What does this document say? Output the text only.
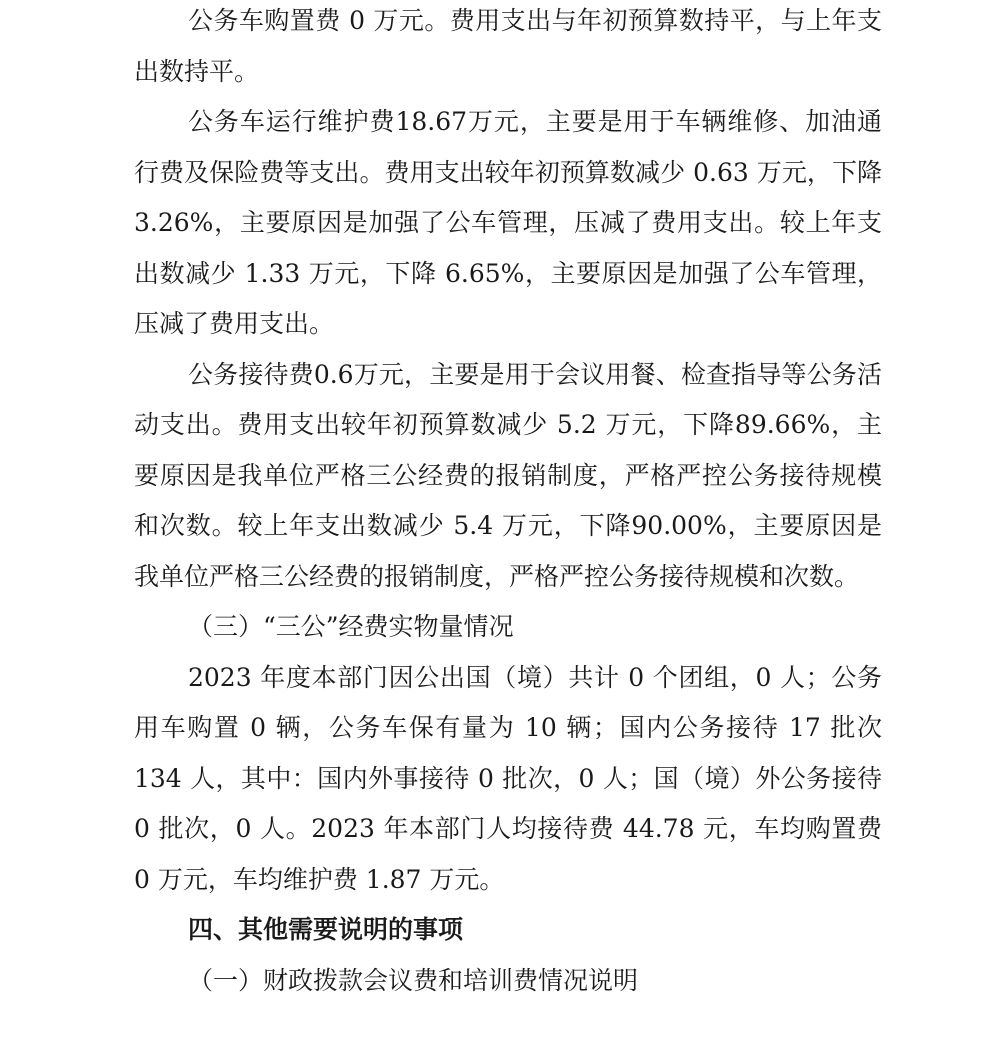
公务车购置费 0 万元。费用支出与年初预算数持平，与上年支出数持平。

公务车运行维护费18.67万元，主要是用于车辆维修、加油通行费及保险费等支出。费用支出较年初预算数减少 0.63 万元，下降 3.26%，主要原因是加强了公车管理，压减了费用支出。较上年支出数减少 1.33 万元，下降 6.65%，主要原因是加强了公车管理，压减了费用支出。

公务接待费0.6万元，主要是用于会议用餐、检查指导等公务活动支出。费用支出较年初预算数减少 5.2 万元，下降89.66%，主要原因是我单位严格三公经费的报销制度，严格严控公务接待规模和次数。较上年支出数减少 5.4 万元，下降90.00%，主要原因是我单位严格三公经费的报销制度，严格严控公务接待规模和次数。

（三）“三公”经费实物量情况

2023 年度本部门因公出国（境）共计 0 个团组，0 人；公务用车购置 0 辆，公务车保有量为 10 辆；国内公务接待 17 批次 134 人，其中：国内外事接待 0 批次，0 人；国（境）外公务接待 0 批次，0 人。2023 年本部门人均接待费 44.78 元，车均购置费 0 万元，车均维护费 1.87 万元。

四、其他需要说明的事项

（一）财政拨款会议费和培训费情况说明
